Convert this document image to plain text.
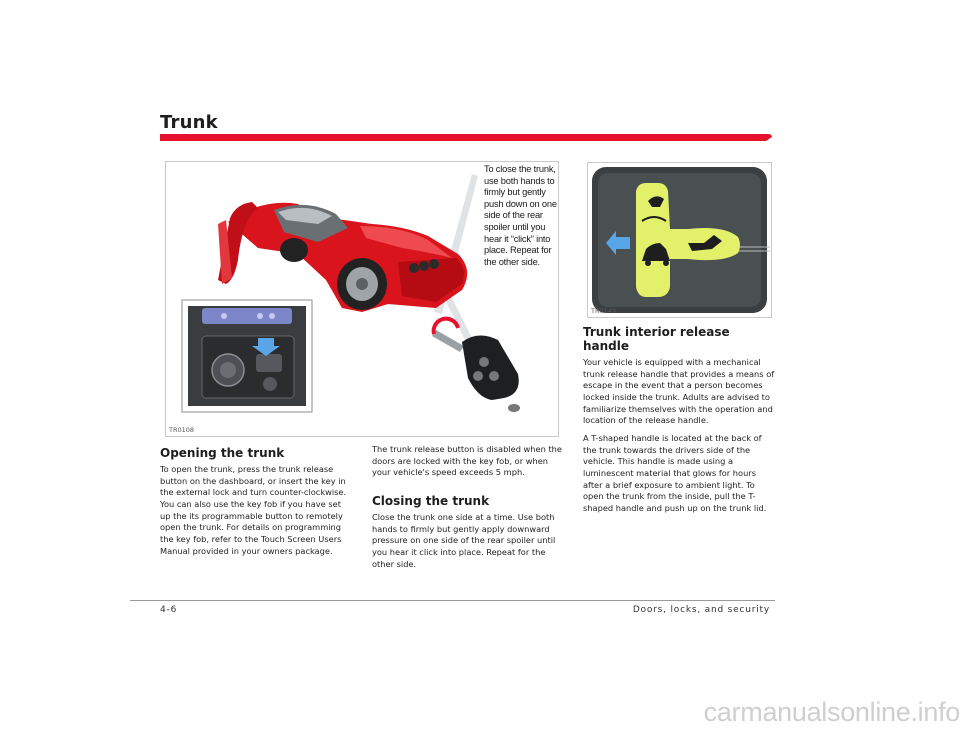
Trunk
TR0108
To close the trunk, use both hands to firmly but gently push down on one side of the rear spoiler until you hear it “click” into place. Repeat for the other side.
TR0149
Opening the trunk

To open the trunk, press the trunk release button on the dashboard, or insert the key in the external lock and turn counter-clockwise. You can also use the key fob if you have set up the its programmable button to remotely open the trunk. For details on programming the key fob, refer to the Touch Screen Users Manual provided in your owners package.

The trunk release button is disabled when the doors are locked with the key fob, or when your vehicle's speed exceeds 5 mph.

Closing the trunk

Close the trunk one side at a time. Use both hands to firmly but gently apply downward pressure on one side of the rear spoiler until you hear it click into place. Repeat for the other side.

Trunk interior release handle

Your vehicle is equipped with a mechanical trunk release handle that provides a means of escape in the event that a person becomes locked inside the trunk. Adults are advised to familiarize themselves with the operation and location of the release handle.

A T-shaped handle is located at the back of the trunk towards the drivers side of the vehicle. This handle is made using a luminescent material that glows for hours after a brief exposure to ambient light. To open the trunk from the inside, pull the T-shaped handle and push up on the trunk lid.

4-6	Doors, locks, and security
carmanualsonline.info
